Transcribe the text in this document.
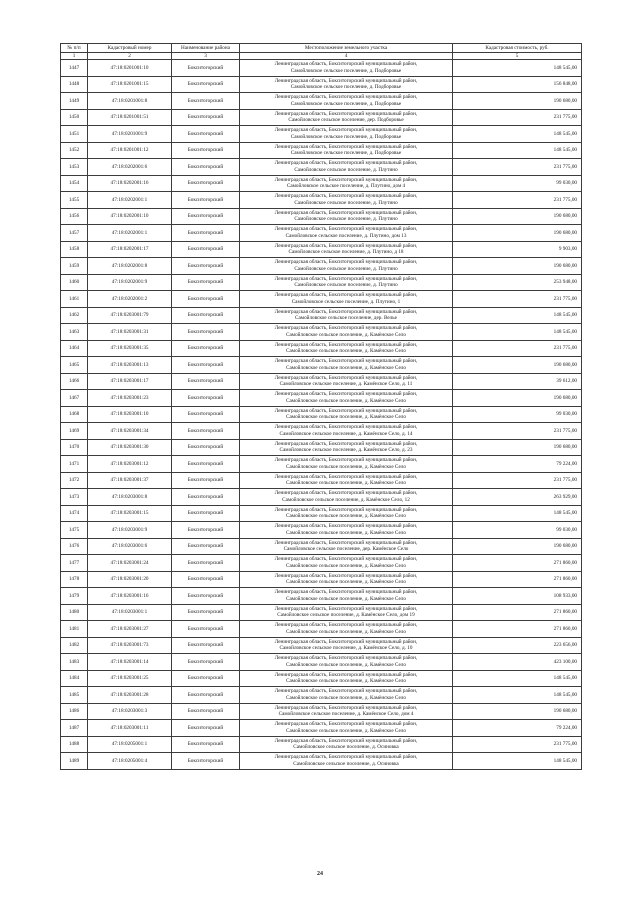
№ п/п	Кадастровый номер	Наименование района	Местоположение земельного участка	Кадастровая стоимость, руб.
1	2	3	4	5
1447	47:18:0201001:10	Бокситогорский	Ленинградская область, Бокситогорский муниципальный район,
Самойловское сельское поселение, д. Подборовье	148 545,00
1448	47:18:0201001:15	Бокситогорский	Ленинградская область, Бокситогорский муниципальный район,
Самойловское сельское поселение, д. Подборовье	156 848,00
1449	47:18:0201001:8	Бокситогорский	Ленинградская область, Бокситогорский муниципальный район,
Самойловское сельское поселение, д. Подборовье	190 680,00
1450	47:18:0201001:51	Бокситогорский	Ленинградская область, Бокситогорский муниципальный район,
Самойловское сельское поселение, дер. Подборовье	231 775,00
1451	47:18:0201001:9	Бокситогорский	Ленинградская область, Бокситогорский муниципальный район,
Самойловское сельское поселение, д. Подборовье	148 545,00
1452	47:18:0201001:12	Бокситогорский	Ленинградская область, Бокситогорский муниципальный район,
Самойловское сельское поселение, д. Подборовье	148 545,00
1453	47:18:0202001:6	Бокситогорский	Ленинградская область, Бокситогорский муниципальный район,
Самойловское сельское поселение, д. Плутино	231 775,00
1454	47:18:0202001:16	Бокситогорский	Ленинградская область, Бокситогорский муниципальный район,
Самойловское сельское поселение, д. Плутино, дом 4	99 030,00
1455	47:18:0202001:1	Бокситогорский	Ленинградская область, Бокситогорский муниципальный район,
Самойловское сельское поселение, д. Плутино	231 775,00
1456	47:18:0202001:10	Бокситогорский	Ленинградская область, Бокситогорский муниципальный район,
Самойловское сельское поселение, д. Плутино	190 680,00
1457	47:18:0202001:1	Бокситогорский	Ленинградская область, Бокситогорский муниципальный район,
Самойловское сельское поселение, д. Плутино, дом 13	190 680,00
1458	47:18:0202001:17	Бокситогорский	Ленинградская область, Бокситогорский муниципальный район,
Самойловское сельское поселение, д. Плутино, д 18	9 903,00
1459	47:18:0202001:8	Бокситогорский	Ленинградская область, Бокситогорский муниципальный район,
Самойловское сельское поселение, д. Плутино	190 680,00
1460	47:18:0202001:9	Бокситогорский	Ленинградская область, Бокситогорский муниципальный район,
Самойловское сельское поселение, д. Плутино	253 948,00
1461	47:18:0202001:2	Бокситогорский	Ленинградская область, Бокситогорский муниципальный район,
Самойловское сельское поселение, д. Плутино, 1	231 775,00
1462	47:18:0203001:79	Бокситогорский	Ленинградская область, Бокситогорский муниципальный район,
Самойловское сельское поселение, дер. Велье	148 545,00
1463	47:18:0203001:31	Бокситогорский	Ленинградская область, Бокситогорский муниципальный район,
Самойловское сельское поселение, д. Камёнское Село	148 545,00
1464	47:18:0203001:35	Бокситогорский	Ленинградская область, Бокситогорский муниципальный район,
Самойловское сельское поселение, д. Камёнское Село	231 775,00
1465	47:18:0203001:13	Бокситогорский	Ленинградская область, Бокситогорский муниципальный район,
Самойловское сельское поселение, д. Камёнское Село	190 680,00
1466	47:18:0203001:17	Бокситогорский	Ленинградская область, Бокситогорский муниципальный район,
Самойловское сельское поселение, д. Камёнское Село, д. 11	39 612,00
1467	47:18:0203001:23	Бокситогорский	Ленинградская область, Бокситогорский муниципальный район,
Самойловское сельское поселение, д. Камёнское Село	190 680,00
1468	47:18:0203001:10	Бокситогорский	Ленинградская область, Бокситогорский муниципальный район,
Самойловское сельское поселение, д. Камёнское Село	99 030,00
1469	47:18:0203001:34	Бокситогорский	Ленинградская область, Бокситогорский муниципальный район,
Самойловское сельское поселение, д. Камёнское Село, д. 14	231 775,00
1470	47:18:0203001:30	Бокситогорский	Ленинградская область, Бокситогорский муниципальный район,
Самойловское сельское поселение, д. Камёнское Село, д. 23	190 680,00
1471	47:18:0203001:12	Бокситогорский	Ленинградская область, Бокситогорский муниципальный район,
Самойловское сельское поселение, д. Камёнское Село	79 224,00
1472	47:18:0203001:37	Бокситогорский	Ленинградская область, Бокситогорский муниципальный район,
Самойловское сельское поселение, д. Камёнское Село	231 775,00
1473	47:18:0203001:8	Бокситогорский	Ленинградская область, Бокситогорский муниципальный район,
Самойловское сельское поселение, д. Камёнское Село, 12	263 929,00
1474	47:18:0203001:15	Бокситогорский	Ленинградская область, Бокситогорский муниципальный район,
Самойловское сельское поселение, д. Камёнское Село	148 545,00
1475	47:18:0203001:9	Бокситогорский	Ленинградская область, Бокситогорский муниципальный район,
Самойловское сельское поселение, д. Камёнское Село	99 030,00
1476	47:18:0203001:6	Бокситогорский	Ленинградская область, Бокситогорский муниципальный район,
Самойловское сельское поселение, дер. Камёнское Село	190 680,00
1477	47:18:0203001:24	Бокситогорский	Ленинградская область, Бокситогорский муниципальный район,
Самойловское сельское поселение, д. Камёнское Село	271 860,00
1478	47:18:0203001:20	Бокситогорский	Ленинградская область, Бокситогорский муниципальный район,
Самойловское сельское поселение, д. Камёнское Село	271 860,00
1479	47:18:0203001:16	Бокситогорский	Ленинградская область, Бокситогорский муниципальный район,
Самойловское сельское поселение, д. Камёнское Село	108 933,00
1480	47:18:0203001:1	Бокситогорский	Ленинградская область, Бокситогорский муниципальный район,
Самойловское сельское поселение, д. Камёнское Село, дом 19	271 860,00
1481	47:18:0203001:27	Бокситогорский	Ленинградская область, Бокситогорский муниципальный район,
Самойловское сельское поселение, д. Камёнское Село	271 860,00
1482	47:18:0203001:73	Бокситогорский	Ленинградская область, Бокситогорский муниципальный район,
Самойловское сельское поселение, д. Камёнское Село, д. 10	223 656,00
1483	47:18:0203001:14	Бокситогорский	Ленинградская область, Бокситогорский муниципальный район,
Самойловское сельское поселение, д. Камёнское Село	423 100,00
1484	47:18:0203001:25	Бокситогорский	Ленинградская область, Бокситогорский муниципальный район,
Самойловское сельское поселение, д. Камёнское Село	148 545,00
1485	47:18:0203001:28	Бокситогорский	Ленинградская область, Бокситогорский муниципальный район,
Самойловское сельское поселение, д. Камёнское Село	148 545,00
1486	47:18:0203001:3	Бокситогорский	Ленинградская область, Бокситогорский муниципальный район,
Самойловское сельское поселение, д. Камёнское Село, дом 4	190 680,00
1487	47:18:0203001:11	Бокситогорский	Ленинградская область, Бокситогорский муниципальный район,
Самойловское сельское поселение, д. Камёнское Село	79 224,00
1488	47:18:0205001:1	Бокситогорский	Ленинградская область, Бокситогорский муниципальный район,
Самойловское сельское поселение, д. Осиновка	231 775,00
1489	47:18:0205001:4	Бокситогорский	Ленинградская область, Бокситогорский муниципальный район,
Самойловское сельское поселение, д. Осиновка	148 545,00
24
